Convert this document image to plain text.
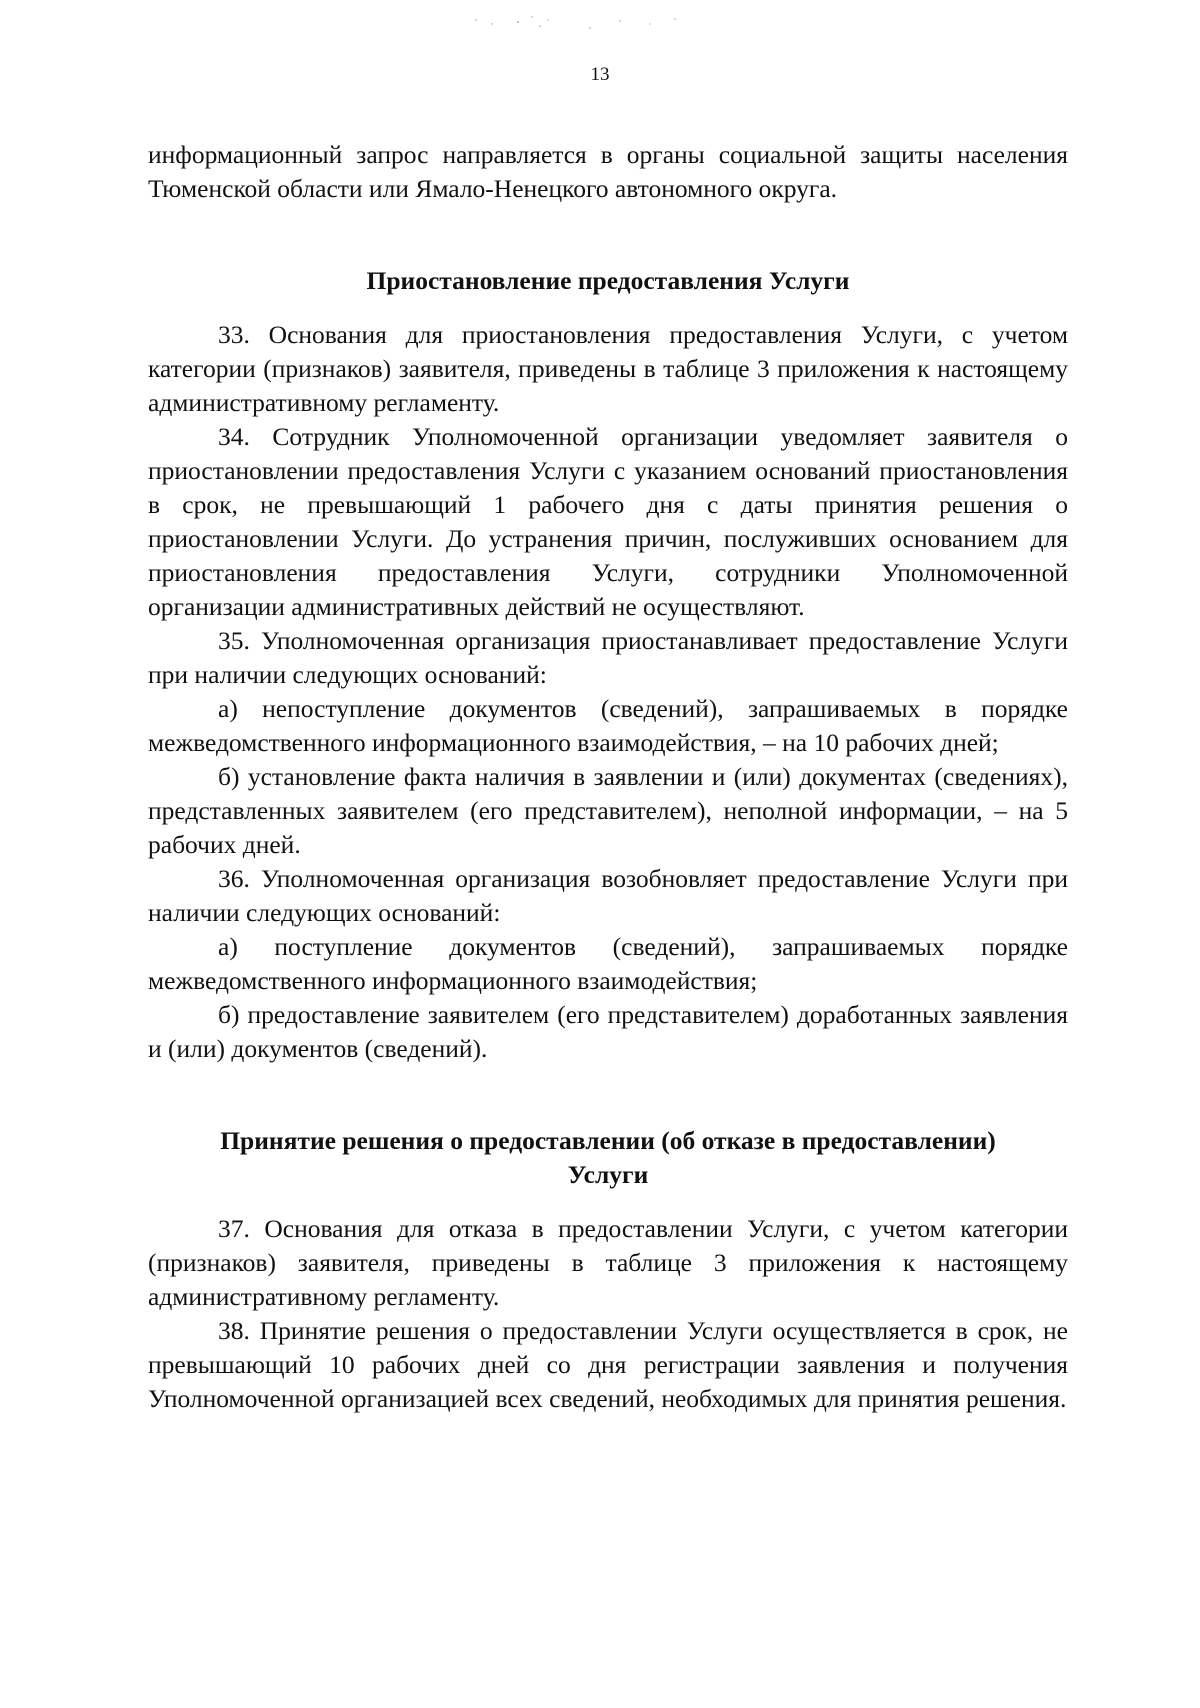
13

информационный запрос направляется в органы социальной защиты населения Тюменской области или Ямало-Ненецкого автономного округа.

Приостановление предоставления Услуги

33. Основания для приостановления предоставления Услуги, с учетом категории (признаков) заявителя, приведены в таблице 3 приложения к настоящему административному регламенту.

34. Сотрудник Уполномоченной организации уведомляет заявителя о приостановлении предоставления Услуги с указанием оснований приостановления в срок, не превышающий 1 рабочего дня с даты принятия решения о приостановлении Услуги. До устранения причин, послуживших основанием для приостановления предоставления Услуги, сотрудники Уполномоченной организации административных действий не осуществляют.

35. Уполномоченная организация приостанавливает предоставление Услуги при наличии следующих оснований:

а) непоступление документов (сведений), запрашиваемых в порядке межведомственного информационного взаимодействия, – на 10 рабочих дней;

б) установление факта наличия в заявлении и (или) документах (сведениях), представленных заявителем (его представителем), неполной информации, – на 5 рабочих дней.

36. Уполномоченная организация возобновляет предоставление Услуги при наличии следующих оснований:

а) поступление документов (сведений), запрашиваемых порядке межведомственного информационного взаимодействия;

б) предоставление заявителем (его представителем) доработанных заявления и (или) документов (сведений).

Принятие решения о предоставлении (об отказе в предоставлении)
Услуги

37. Основания для отказа в предоставлении Услуги, с учетом категории (признаков) заявителя, приведены в таблице 3 приложения к настоящему административному регламенту.

38. Принятие решения о предоставлении Услуги осуществляется в срок, не превышающий 10 рабочих дней со дня регистрации заявления и получения Уполномоченной организацией всех сведений, необходимых для принятия решения.
